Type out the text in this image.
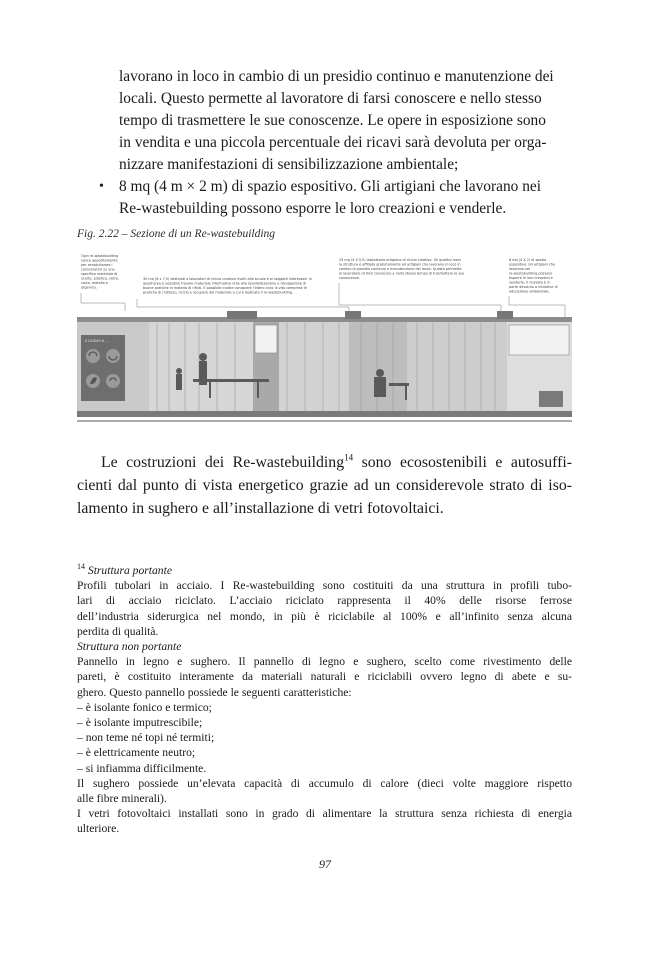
lavorano in loco in cambio di un presidio continuo e manutenzione dei
locali. Questo permette al lavoratore di farsi conoscere e nello stesso
tempo di trasmettere le sue conoscenze. Le opere in esposizione sono
in vendita e una piccola percentuale dei ricavi sarà devoluta per orga-
nizzare manifestazioni di sensibilizzazione ambientale;
• 8 mq (4 m × 2 m) di spazio espositivo. Gli artigiani che lavorano nei
Re-wastebuilding possono esporre le loro creazioni e venderle.
Fig. 2.22 – Sezione di un Re-wastebuilding
Ogni re-wastebuilding
nasce appositamente
per sensibilizzare i
consumatori su uno
specifico materiale di
scarto: plastica, vetro,
carta, metallo e
organico.
30 mq (6 x 7,5) destinati a laboratori di riciclo creativo rivolti alle scuole e ai soggetti interessati. In
quest'area è possibile trovare materiale informativo utile alla sensibilizzazione e divulgazione di
buone pratiche in materia di rifiuti. È possibile inoltre conoscere l'intero ciclo di vita comprese le
pratiche di riutilizzo, riciclo e recupero del materiale a cui è dedicato il re-wastebuilding.
25 mq (4 X 5,5) laboratorio artigiano di riciclo creativo. Gli quattro mesi
la struttura è affidata gratuitamente ad artigiani che lavorano in loco in
cambio di presidio continuo e manutenzione dei locali. Questo permette
al lavoratore di farsi conoscere e nello stesso tempo di trasmettere le sue
conoscenze.
8 mq (4 X 2) di spazio
espositivo. Gli artigiani che
lavorano nei
re-wastebuilding possono
esporre le loro creazioni e
venderle. Il ricavato è in
parte devoluto a iniziative di
educazione ambientale.
Il LEGNO è ...
Le costruzioni dei Re-wastebuilding$^{14}$ sono ecosostenibili e autosuffi-
cienti dal punto di vista energetico grazie ad un considerevole strato di iso-
lamento in sughero e all’installazione di vetri fotovoltaici.
$^{14}$ Struttura portante
Profili tubolari in acciaio. I Re-wastebuilding sono costituiti da una struttura in profili tubo-
lari di acciaio riciclato. L’acciaio riciclato rappresenta il 40% delle risorse ferrose
dell’industria siderurgica nel mondo, in più è riciclabile al 100% e all’infinito senza alcuna
perdita di qualità.
Struttura non portante
Pannello in legno e sughero. Il pannello di legno e sughero, scelto come rivestimento delle
pareti, è costituito interamente da materiali naturali e riciclabili ovvero legno di abete e su-
ghero. Questo pannello possiede le seguenti caratteristiche:
– è isolante fonico e termico;
– è isolante imputrescibile;
– non teme né topi né termiti;
– è elettricamente neutro;
– si infiamma difficilmente.
Il sughero possiede un’elevata capacità di accumulo di calore (dieci volte maggiore rispetto
alle fibre minerali).
I vetri fotovoltaici installati sono in grado di alimentare la struttura senza richiesta di energia
ulteriore.
97
